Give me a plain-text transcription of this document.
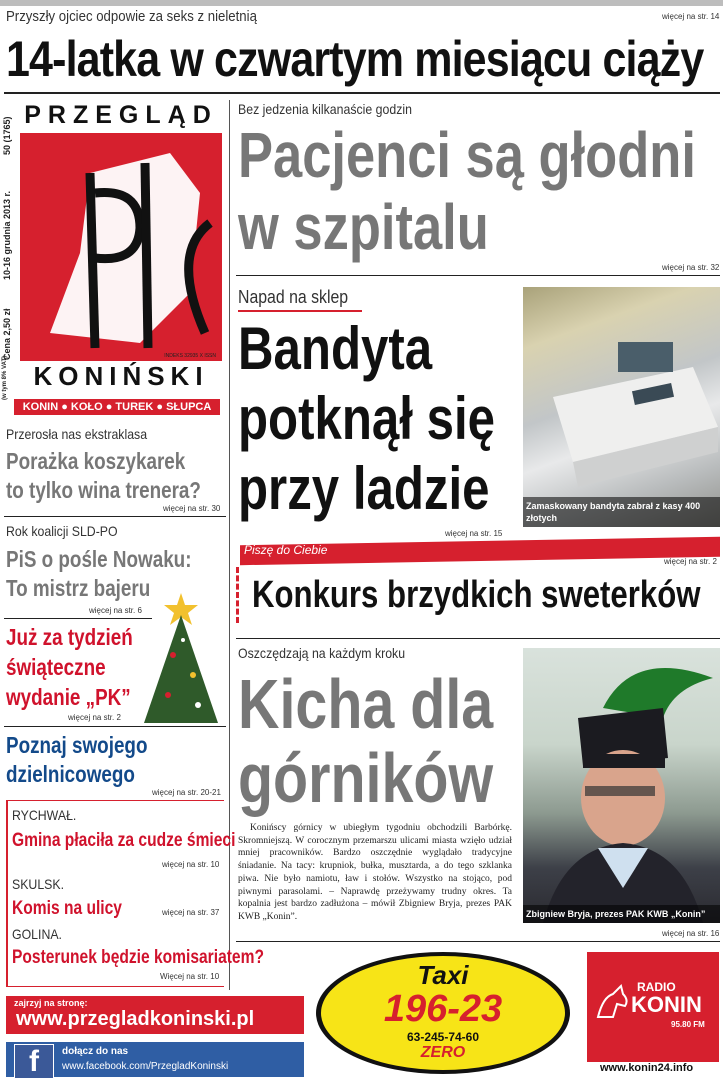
Przyszły ojciec odpowie za seks z nieletnią	więcej na str. 14
14-latka w czwartym miesiącu ciąży
50 (1765)
10-16 grudnia 2013 r.
Cena 2,50 zł
(w tym 8% VAT)
PRZEGLĄD
INDEKS 32935 X ISSN
KONIŃSKI
KONIN ● KOŁO ● TUREK ● SŁUPCA
Przerosła nas ekstraklasa
Porażka koszykarek
to tylko wina trenera?
więcej na str. 30
Rok koalicji SLD-PO
PiS o pośle Nowaku:
To mistrz bajeru
więcej na str. 6
Już za tydzień
świąteczne
wydanie „PK”
więcej na str. 2
Poznaj swojego
dzielnicowego
więcej na str. 20-21
RYCHWAŁ.
Gmina płaciła za cudze śmieci
więcej na str. 10
SKULSK.
Komis na ulicy	więcej na str. 37
GOLINA.
Posterunek będzie komisariatem?
Więcej na str. 10
Bez jedzenia kilkanaście godzin
Pacjenci są głodni
w szpitalu
więcej na str. 32
Napad na sklep
Bandyta
potknął się
przy ladzie	Zamaskowany bandyta zabrał z kasy 400 złotych
więcej na str. 15
Piszę do Ciebie
więcej na str. 2
Konkurs brzydkich sweterków
Oszczędzają na każdym kroku
Kicha dla
górników
Konińscy górnicy w ubiegłym tygodniu obchodzili Barbórkę. Skromniejszą. W corocznym przemarszu ulicami miasta wzięło udział mniej pracowników. Bardzo oszczędnie wyglądało tradycyjne śniadanie. Na tacy: krupniok, bułka, musztarda, a do tego szklanka piwa. Nie było namiotu, ław i stołów. Wszystko na stojąco, pod piwnymi parasolami. – Naprawdę przeżywamy trudny okres. Ta kopalnia jest bardzo zadłużona – mówił Zbigniew Bryja, prezes PAK KWB „Konin”.	Zbigniew Bryja, prezes PAK KWB „Konin”
więcej na str. 16
zajrzyj na stronę:
www.przegladkoninski.pl
f dołącz do nas
www.facebook.com/PrzegladKoninski
Taxi
196-23
63-245-74-60
ZERO
RADIO
KONIN
95.80 FM
www.konin24.info
